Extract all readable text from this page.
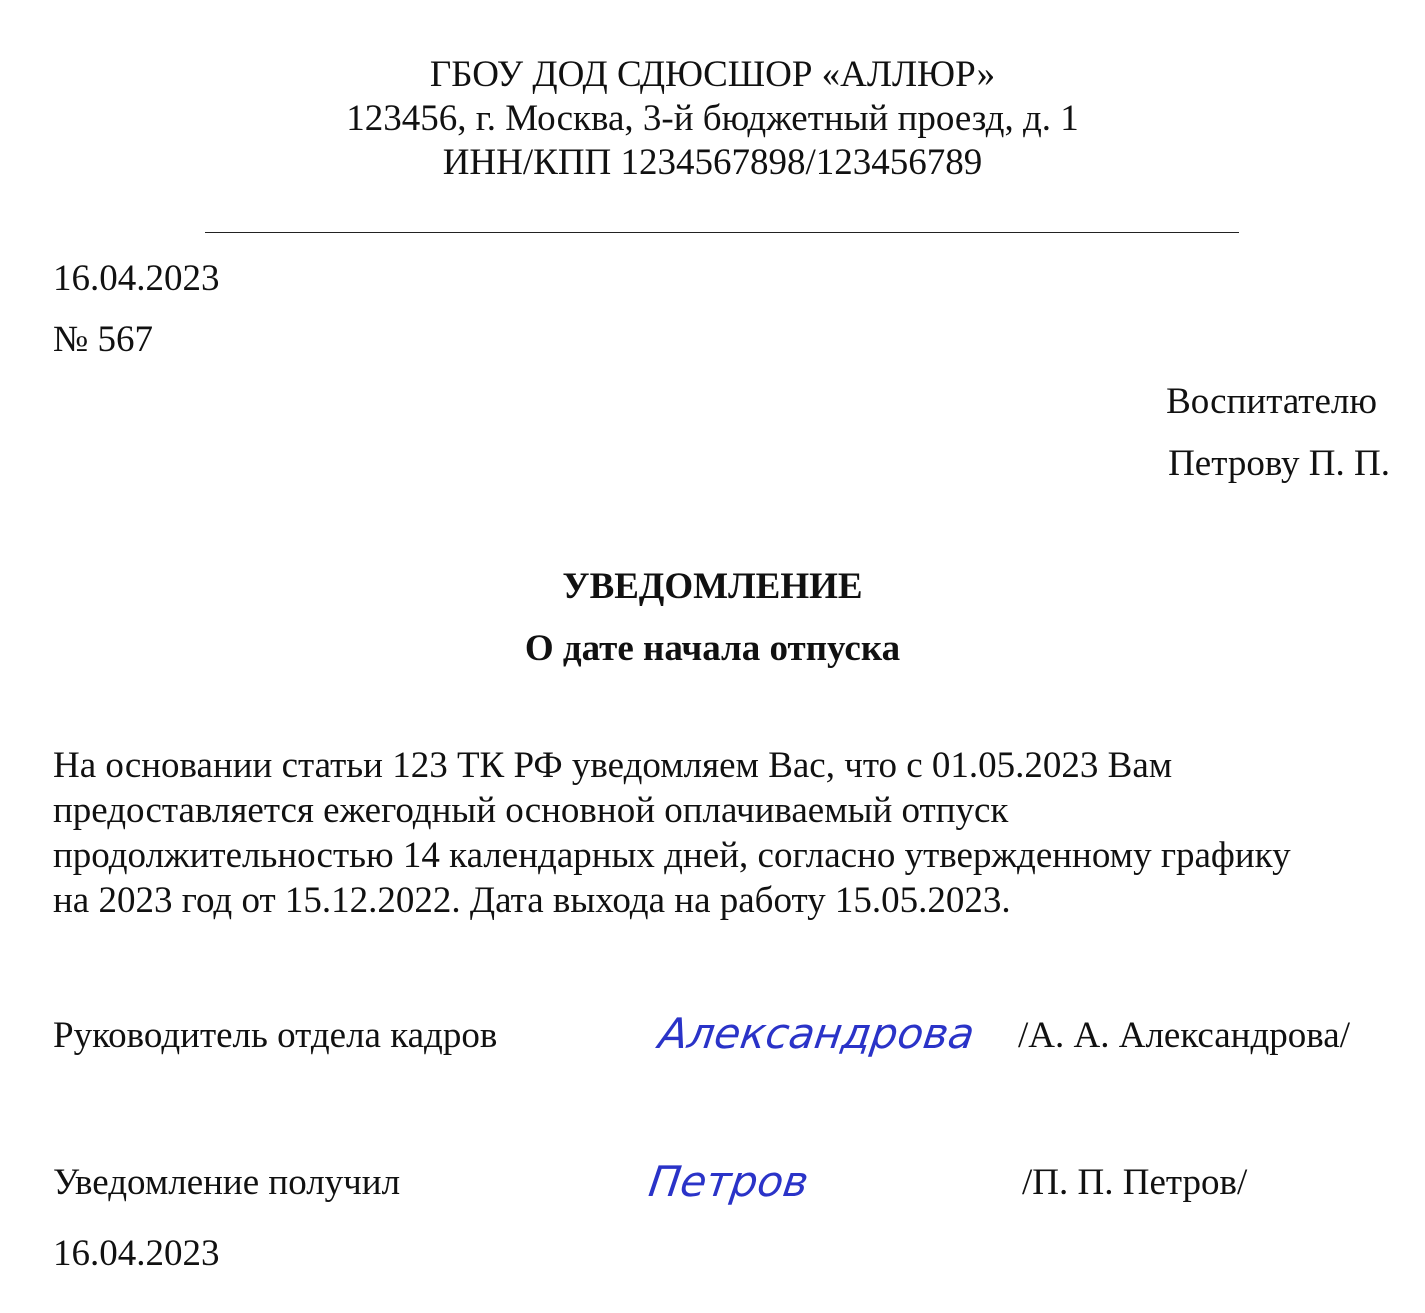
ГБОУ ДОД СДЮСШОР «АЛЛЮР»
123456, г. Москва, 3-й бюджетный проезд, д. 1
ИНН/КПП 1234567898/123456789
16.04.2023
№ 567
Воспитателю
Петрову П. П.
УВЕДОМЛЕНИЕ
О дате начала отпуска
На основании статьи 123 ТК РФ уведомляем Вас, что с 01.05.2023 Вам
предоставляется ежегодный основной оплачиваемый отпуск
продолжительностью 14 календарных дней, согласно утвержденному графику
на 2023 год от 15.12.2022. Дата выхода на работу 15.05.2023.
Руководитель отдела кадров	Александрова /А. А. Александрова/
Уведомление получил	Петров	/П. П. Петров/
16.04.2023
